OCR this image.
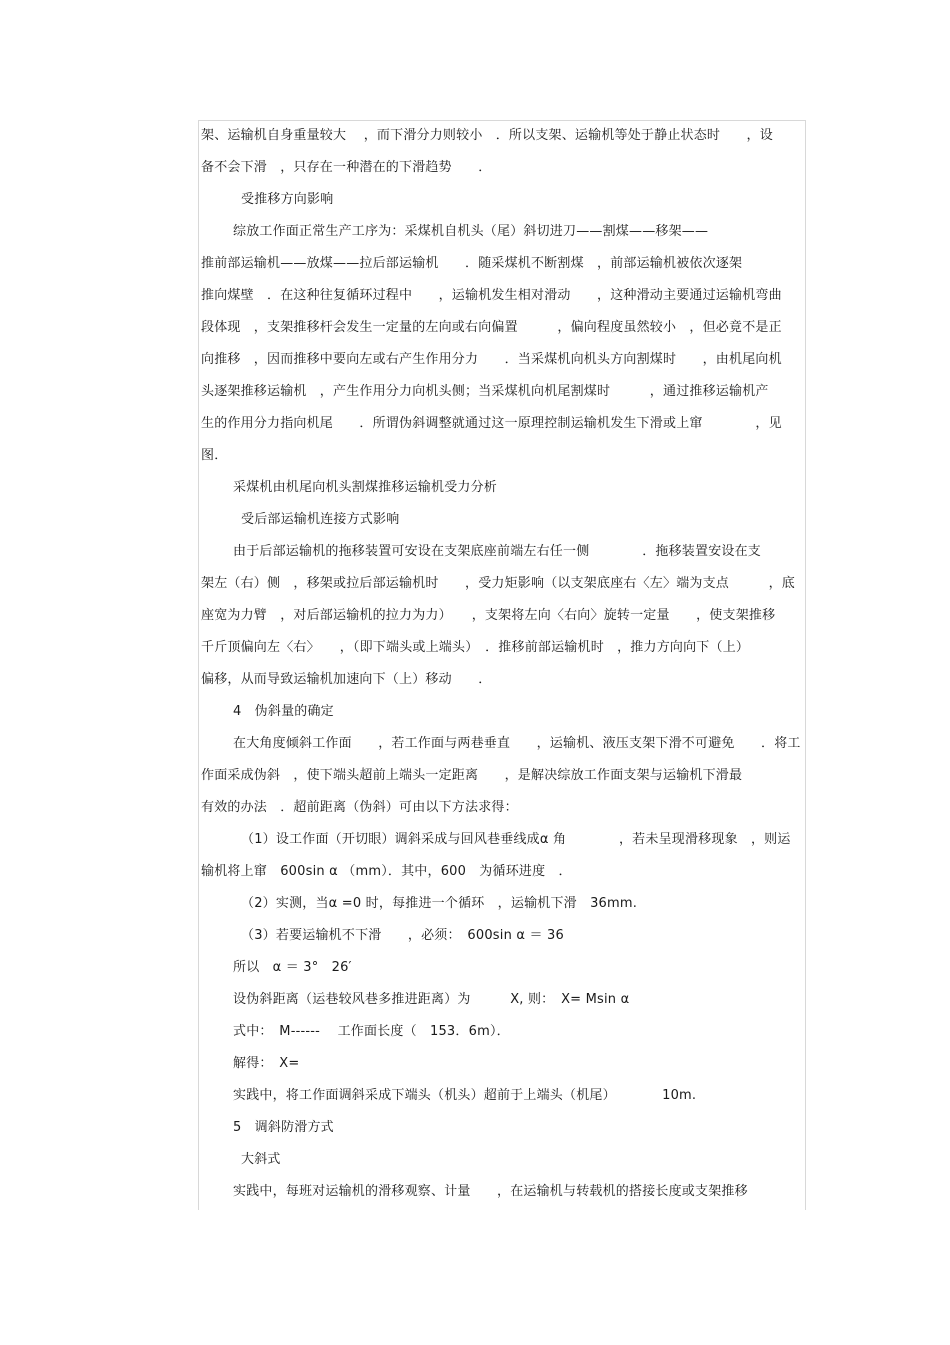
架、运输机自身重量较大　 ，而下滑分力则较小　．所以支架、运输机等处于静止状态时　　，设
备不会下滑　，只存在一种潜在的下滑趋势　　．
受推移方向影响
综放工作面正常生产工序为：采煤机自机头（尾）斜切进刀——割煤——移架——
推前部运输机——放煤——拉后部运输机　　．随采煤机不断割煤　，前部运输机被依次逐架
推向煤壁　．在这种往复循环过程中　　，运输机发生相对滑动　　，这种滑动主要通过运输机弯曲
段体现　，支架推移杆会发生一定量的左向或右向偏置　　　，偏向程度虽然较小　，但必竟不是正
向推移　，因而推移中要向左或右产生作用分力　　．当采煤机向机头方向割煤时　　，由机尾向机
头逐架推移运输机　，产生作用分力向机头侧；当采煤机向机尾割煤时　　　，通过推移运输机产
生的作用分力指向机尾　　．所谓伪斜调整就通过这一原理控制运输机发生下滑或上窜　　　　，见
图．
采煤机由机尾向机头割煤推移运输机受力分析
受后部运输机连接方式影响
由于后部运输机的拖移装置可安设在支架底座前端左右任一侧　　　　．拖移装置安设在支
架左（右）侧　，移架或拉后部运输机时　　，受力矩影响（以支架底座右〈左〉端为支点　　　，底
座宽为力臂　，对后部运输机的拉力为力）　　，支架将左向〈右向〉旋转一定量　　，使支架推移
千斤顶偏向左〈右〉　　，（即下端头或上端头）　．推移前部运输机时　，推力方向向下（上）
偏移，从而导致运输机加速向下（上）移动　　．
4　伪斜量的确定
在大角度倾斜工作面　　，若工作面与两巷垂直　　，运输机、液压支架下滑不可避免　　．将工
作面采成伪斜　，使下端头超前上端头一定距离　　，是解决综放工作面支架与运输机下滑最
有效的办法　．超前距离（伪斜）可由以下方法求得：
（1）设工作面（开切眼）调斜采成与回风巷垂线成α 角　　　　，若未呈现滑移现象　，则运
输机将上窜　600sin α （mm）．其中，600　为循环进度　．
（2）实测，当α =0 时，每推进一个循环　，运输机下滑　36mm.
（3）若要运输机不下滑　　，必须：　600sin α ＝ 36
所以　α ＝ 3°　26′
设伪斜距离（运巷较风巷多推进距离）为　　　X, 则：　X= Msin α
式中：　M------　 工作面长度（　153．6m）．
解得：　X=
实践中，将工作面调斜采成下端头（机头）超前于上端头（机尾）　　　　10m.
5　调斜防滑方式
大斜式
实践中，每班对运输机的滑移观察、计量　　，在运输机与转载机的搭接长度或支架推移
